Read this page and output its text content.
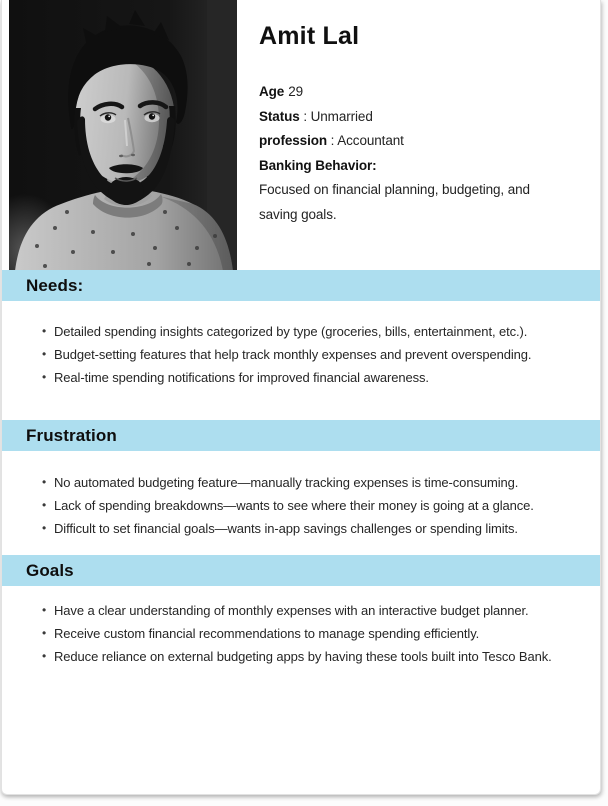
Amit Lal
Age 29
Status : Unmarried
profession : Accountant
Banking Behavior:
Focused on financial planning, budgeting, and saving goals.
Needs:
• Detailed spending insights categorized by type (groceries, bills, entertainment, etc.).
• Budget-setting features that help track monthly expenses and prevent overspending.
• Real-time spending notifications for improved financial awareness.
Frustration
• No automated budgeting feature—manually tracking expenses is time-consuming.
• Lack of spending breakdowns—wants to see where their money is going at a glance.
• Difficult to set financial goals—wants in-app savings challenges or spending limits.
Goals
• Have a clear understanding of monthly expenses with an interactive budget planner.
• Receive custom financial recommendations to manage spending efficiently.
• Reduce reliance on external budgeting apps by having these tools built into Tesco Bank.
